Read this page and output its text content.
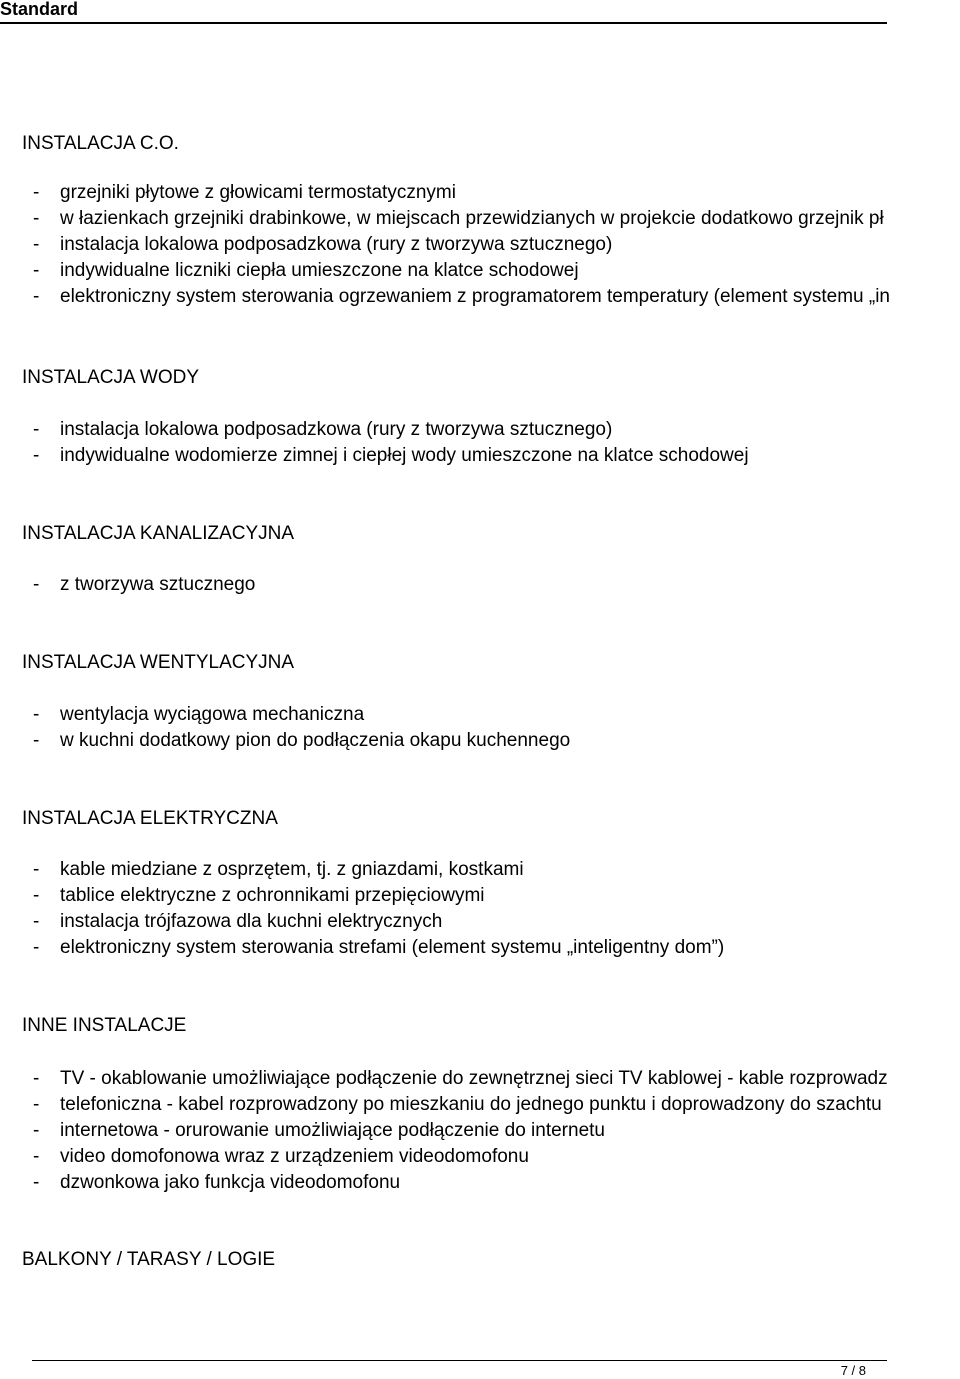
Standard
INSTALACJA C.O.
- grzejniki płytowe z głowicami termostatycznymi
- w łazienkach grzejniki drabinkowe, w miejscach przewidzianych w projekcie dodatkowo grzejnik pł
- instalacja lokalowa podposadzkowa (rury z tworzywa sztucznego)
- indywidualne liczniki ciepła umieszczone na klatce schodowej
- elektroniczny system sterowania ogrzewaniem z programatorem temperatury (element systemu „in
INSTALACJA WODY
- instalacja lokalowa podposadzkowa (rury z tworzywa sztucznego)
- indywidualne wodomierze zimnej i ciepłej wody umieszczone na klatce schodowej
INSTALACJA KANALIZACYJNA
- z tworzywa sztucznego
INSTALACJA WENTYLACYJNA
- wentylacja wyciągowa mechaniczna
- w kuchni dodatkowy pion do podłączenia okapu kuchennego
INSTALACJA ELEKTRYCZNA
- kable miedziane z osprzętem, tj. z gniazdami, kostkami
- tablice elektryczne z ochronnikami przepięciowymi
- instalacja trójfazowa dla kuchni elektrycznych
- elektroniczny system sterowania strefami (element systemu „inteligentny dom”)
INNE INSTALACJE
- TV - okablowanie umożliwiające podłączenie do zewnętrznej sieci TV kablowej - kable rozprowadz
- telefoniczna - kabel rozprowadzony po mieszkaniu do jednego punktu i doprowadzony do szachtu
- internetowa - orurowanie umożliwiające podłączenie do internetu
- video domofonowa wraz z urządzeniem videodomofonu
- dzwonkowa jako funkcja videodomofonu
BALKONY / TARASY / LOGIE
7 / 8
